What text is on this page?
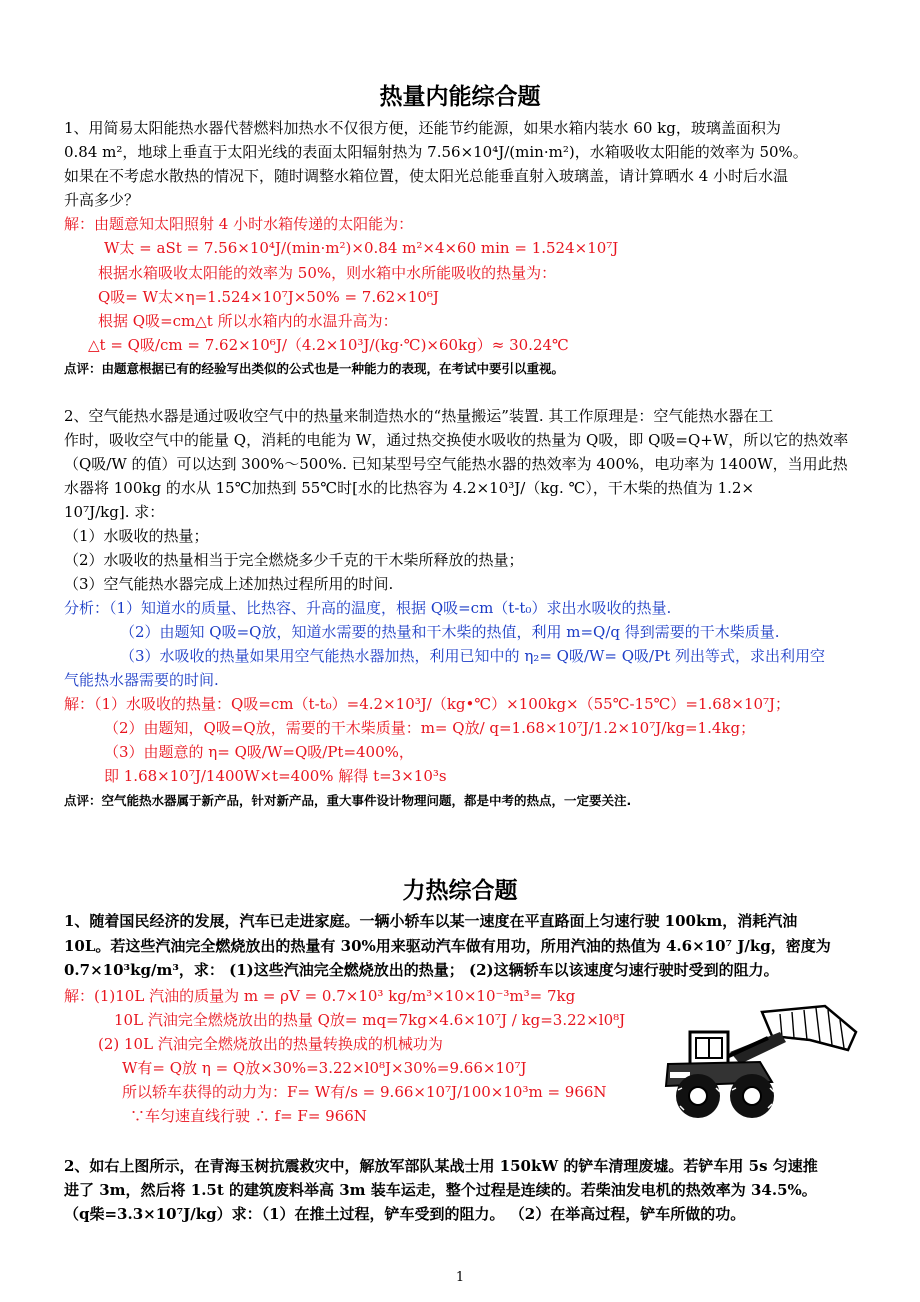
热量内能综合题
1、用简易太阳能热水器代替燃料加热水不仅很方便，还能节约能源，如果水箱内装水 60 kg，玻璃盖面积为
0.84 m²，地球上垂直于太阳光线的表面太阳辐射热为 7.56×10⁴J/(min·m²)，水箱吸收太阳能的效率为 50%。
如果在不考虑水散热的情况下，随时调整水箱位置，使太阳光总能垂直射入玻璃盖，请计算晒水 4 小时后水温
升高多少？
解：由题意知太阳照射 4 小时水箱传递的太阳能为：
W太 = aSt = 7.56×10⁴J/(min·m²)×0.84 m²×4×60 min = 1.524×10⁷J
根据水箱吸收太阳能的效率为 50%，则水箱中水所能吸收的热量为：
Q吸= W太×η=1.524×10⁷J×50% = 7.62×10⁶J
根据 Q吸=cm△t 所以水箱内的水温升高为：
△t = Q吸/cm = 7.62×10⁶J/（4.2×10³J/(kg·℃)×60kg）≈ 30.24℃
点评：由题意根据已有的经验写出类似的公式也是一种能力的表现，在考试中要引以重视。
2、空气能热水器是通过吸收空气中的热量来制造热水的“热量搬运”装置. 其工作原理是：空气能热水器在工
作时，吸收空气中的能量 Q，消耗的电能为 W，通过热交换使水吸收的热量为 Q吸，即 Q吸=Q+W，所以它的热效率
（Q吸/W 的值）可以达到 300%～500%. 已知某型号空气能热水器的热效率为 400%，电功率为 1400W，当用此热
水器将 100kg 的水从 15℃加热到 55℃时[水的比热容为 4.2×10³J/（kg. ℃），干木柴的热值为 1.2×
10⁷J/kg]. 求：
（1）水吸收的热量；
（2）水吸收的热量相当于完全燃烧多少千克的干木柴所释放的热量；
（3）空气能热水器完成上述加热过程所用的时间.
分析：（1）知道水的质量、比热容、升高的温度，根据 Q吸=cm（t-t₀）求出水吸收的热量.
（2）由题知 Q吸=Q放，知道水需要的热量和干木柴的热值，利用 m=Q/q 得到需要的干木柴质量.
（3）水吸收的热量如果用空气能热水器加热，利用已知中的 η₂= Q吸/W= Q吸/Pt 列出等式，求出利用空
气能热水器需要的时间.
解：（1）水吸收的热量：Q吸=cm（t-t₀）=4.2×10³J/（kg•℃）×100kg×（55℃-15℃）=1.68×10⁷J；
（2）由题知，Q吸=Q放，需要的干木柴质量：m= Q放/ q=1.68×10⁷J/1.2×10⁷J/kg=1.4kg；
（3）由题意的 η= Q吸/W=Q吸/Pt=400%，
即 1.68×10⁷J/1400W×t=400% 解得 t=3×10³s
点评：空气能热水器属于新产品，针对新产品，重大事件设计物理问题，都是中考的热点，一定要关注.
力热综合题
1、随着国民经济的发展，汽车已走进家庭。一辆小轿车以某一速度在平直路面上匀速行驶 100km，消耗汽油
10L。若这些汽油完全燃烧放出的热量有 30%用来驱动汽车做有用功，所用汽油的热值为 4.6×10⁷ J/kg，密度为
0.7×10³kg/m³，求： (1)这些汽油完全燃烧放出的热量； (2)这辆轿车以该速度匀速行驶时受到的阻力。
解：(1)10L 汽油的质量为 m = ρV = 0.7×10³ kg/m³×10×10⁻³m³= 7kg
10L 汽油完全燃烧放出的热量 Q放= mq=7kg×4.6×10⁷J / kg=3.22×l0⁸J
(2) 10L 汽油完全燃烧放出的热量转换成的机械功为
W有= Q放 η = Q放×30%=3.22×l0⁸J×30%=9.66×10⁷J
所以轿车获得的动力为：F= W有/s = 9.66×10⁷J/100×10³m = 966N
∵车匀速直线行驶 ∴ f= F= 966N
2、如右上图所示，在青海玉树抗震救灾中，解放军部队某战士用 150kW 的铲车清理废墟。若铲车用 5s 匀速推
进了 3m，然后将 1.5t 的建筑废料举高 3m 装车运走，整个过程是连续的。若柴油发电机的热效率为 34.5%。
（q柴=3.3×10⁷J/kg）求：（1）在推土过程，铲车受到的阻力。 （2）在举高过程，铲车所做的功。
1
